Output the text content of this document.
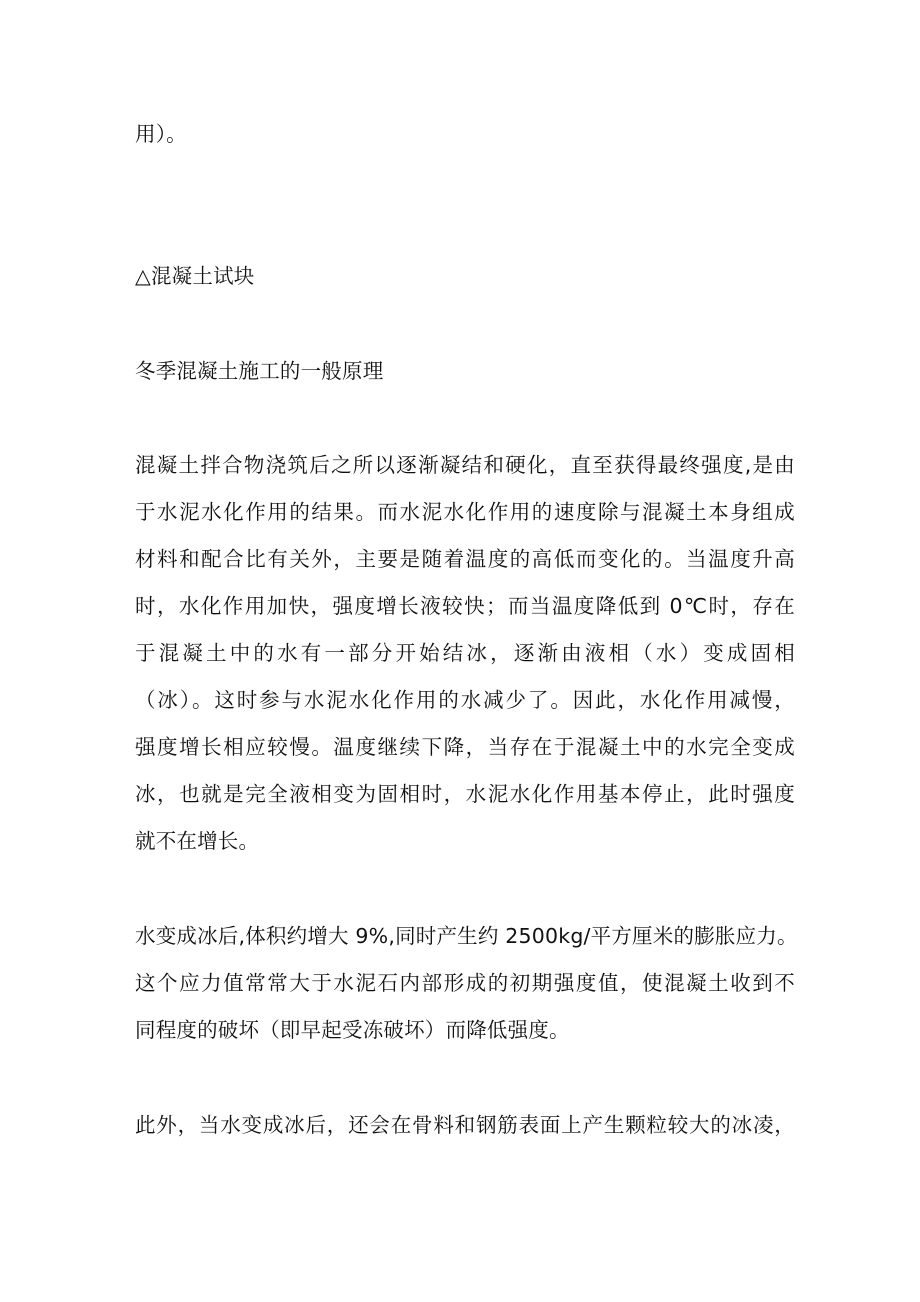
用）。
△混凝土试块
冬季混凝土施工的一般原理
混凝土拌合物浇筑后之所以逐渐凝结和硬化，直至获得最终强度,是由
于水泥水化作用的结果。而水泥水化作用的速度除与混凝土本身组成
材料和配合比有关外，主要是随着温度的高低而变化的。当温度升高
时，水化作用加快，强度增长液较快；而当温度降低到 0℃时，存在
于混凝土中的水有一部分开始结冰，逐渐由液相（水）变成固相
（冰）。这时参与水泥水化作用的水减少了。因此，水化作用减慢，
强度增长相应较慢。温度继续下降，当存在于混凝土中的水完全变成
冰，也就是完全液相变为固相时，水泥水化作用基本停止，此时强度
就不在增长。
水变成冰后,体积约增大 9%,同时产生约 2500kg/平方厘米的膨胀应力。
这个应力值常常大于水泥石内部形成的初期强度值，使混凝土收到不
同程度的破坏（即早起受冻破坏）而降低强度。
此外，当水变成冰后，还会在骨料和钢筋表面上产生颗粒较大的冰凌，
